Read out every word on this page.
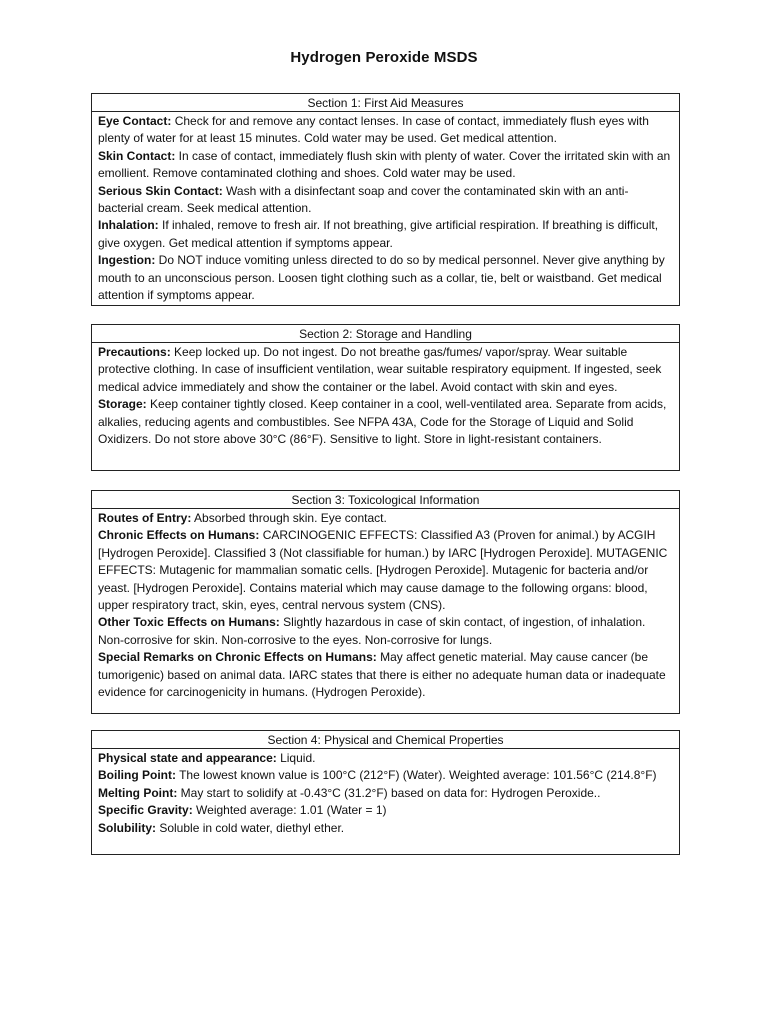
Hydrogen Peroxide MSDS
Section 1: First Aid Measures

Eye Contact: Check for and remove any contact lenses. In case of contact, immediately flush eyes with plenty of water for at least 15 minutes. Cold water may be used. Get medical attention.

Skin Contact: In case of contact, immediately flush skin with plenty of water. Cover the irritated skin with an emollient. Remove contaminated clothing and shoes. Cold water may be used.

Serious Skin Contact: Wash with a disinfectant soap and cover the contaminated skin with an anti-bacterial cream. Seek medical attention.

Inhalation: If inhaled, remove to fresh air. If not breathing, give artificial respiration. If breathing is difficult, give oxygen. Get medical attention if symptoms appear.

Ingestion: Do NOT induce vomiting unless directed to do so by medical personnel. Never give anything by mouth to an unconscious person. Loosen tight clothing such as a collar, tie, belt or waistband. Get medical attention if symptoms appear.

Section 2: Storage and Handling

Precautions: Keep locked up. Do not ingest. Do not breathe gas/fumes/ vapor/spray. Wear suitable protective clothing. In case of insufficient ventilation, wear suitable respiratory equipment. If ingested, seek medical advice immediately and show the container or the label. Avoid contact with skin and eyes.

Storage: Keep container tightly closed. Keep container in a cool, well-ventilated area. Separate from acids, alkalies, reducing agents and combustibles. See NFPA 43A, Code for the Storage of Liquid and Solid Oxidizers. Do not store above 30°C (86°F). Sensitive to light. Store in light-resistant containers.

Section 3: Toxicological Information

Routes of Entry: Absorbed through skin. Eye contact.

Chronic Effects on Humans: CARCINOGENIC EFFECTS: Classified A3 (Proven for animal.) by ACGIH [Hydrogen Peroxide]. Classified 3 (Not classifiable for human.) by IARC [Hydrogen Peroxide]. MUTAGENIC EFFECTS: Mutagenic for mammalian somatic cells. [Hydrogen Peroxide]. Mutagenic for bacteria and/or yeast. [Hydrogen Peroxide]. Contains material which may cause damage to the following organs: blood, upper respiratory tract, skin, eyes, central nervous system (CNS).

Other Toxic Effects on Humans: Slightly hazardous in case of skin contact, of ingestion, of inhalation. Non-corrosive for skin. Non-corrosive to the eyes. Non-corrosive for lungs.

Special Remarks on Chronic Effects on Humans: May affect genetic material. May cause cancer (be tumorigenic) based on animal data. IARC states that there is either no adequate human data or inadequate evidence for carcinogenicity in humans. (Hydrogen Peroxide).

Section 4: Physical and Chemical Properties

Physical state and appearance: Liquid.

Boiling Point: The lowest known value is 100°C (212°F) (Water). Weighted average: 101.56°C (214.8°F)

Melting Point: May start to solidify at -0.43°C (31.2°F) based on data for: Hydrogen Peroxide..

Specific Gravity: Weighted average: 1.01 (Water = 1)

Solubility: Soluble in cold water, diethyl ether.
